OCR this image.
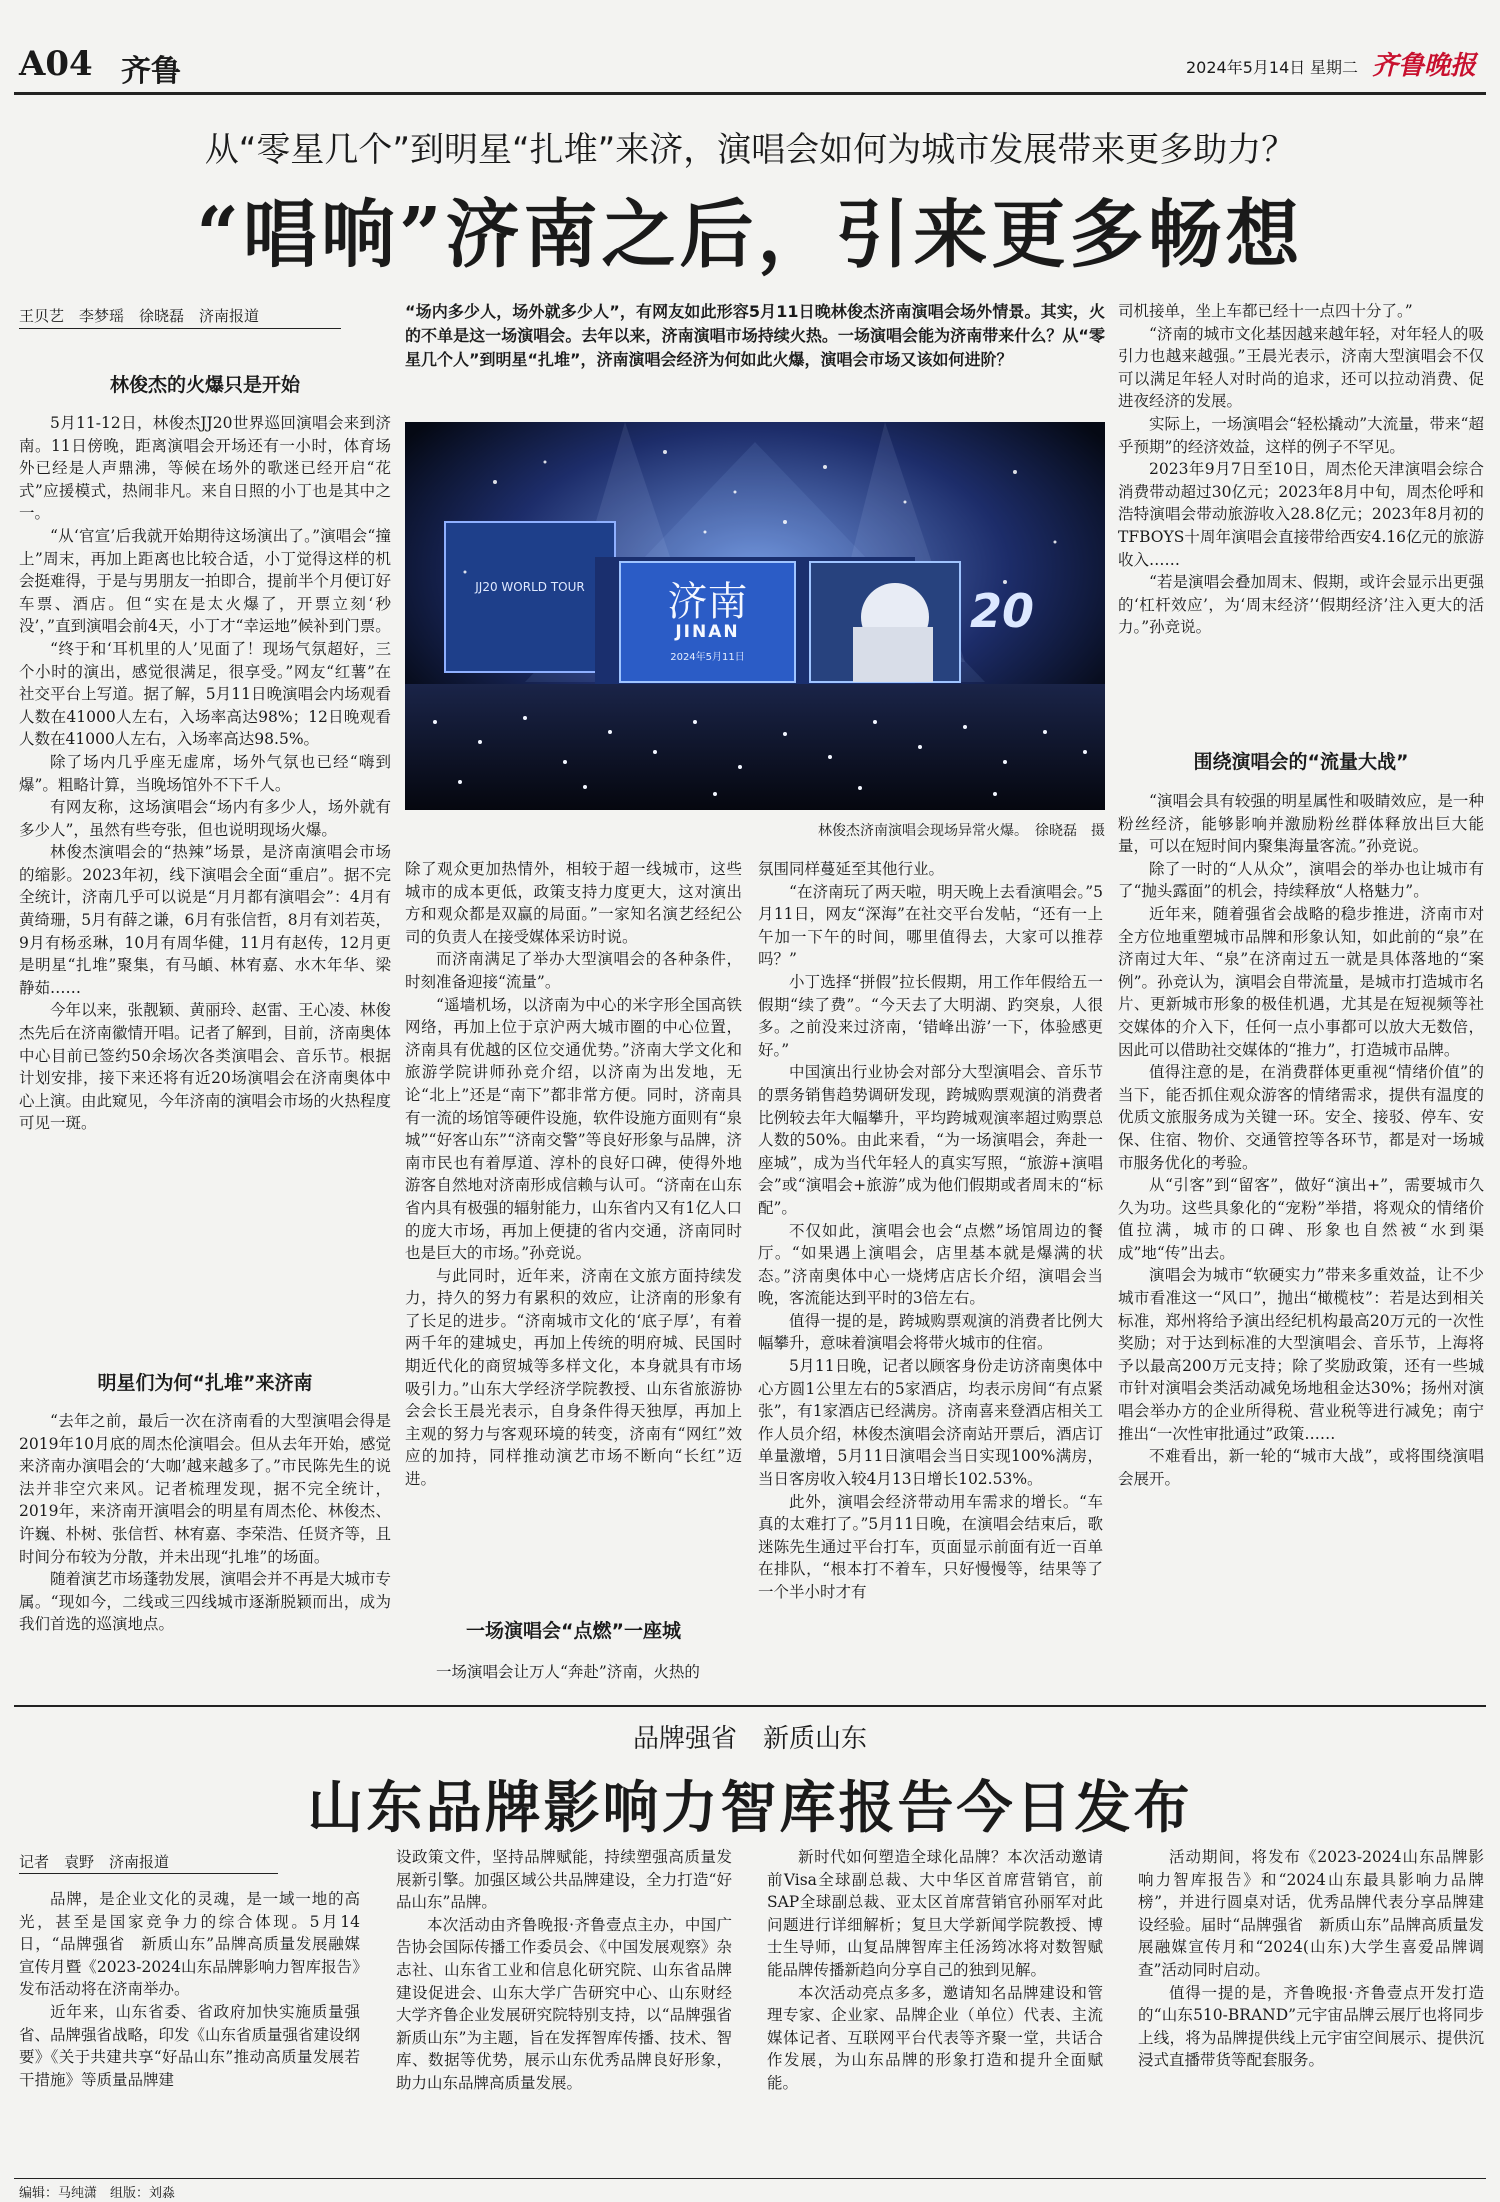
A04 齐鲁	2024年5月14日 星期二 齐鲁晚报
从“零星几个”到明星“扎堆”来济，演唱会如何为城市发展带来更多助力？
“唱响”济南之后，引来更多畅想
王贝艺　李梦瑶　徐晓磊　济南报道
林俊杰的火爆只是开始

5月11-12日，林俊杰JJ20世界巡回演唱会来到济南。11日傍晚，距离演唱会开场还有一小时，体育场外已经是人声鼎沸，等候在场外的歌迷已经开启“花式”应援模式，热闹非凡。来自日照的小丁也是其中之一。

“从‘官宣’后我就开始期待这场演出了。”演唱会“撞上”周末，再加上距离也比较合适，小丁觉得这样的机会挺难得，于是与男朋友一拍即合，提前半个月便订好车票、酒店。但“实在是太火爆了，开票立刻‘秒没’，”直到演唱会前4天，小丁才“幸运地”候补到门票。

“终于和‘耳机里的人’见面了！现场气氛超好，三个小时的演出，感觉很满足，很享受。”网友“红薯”在社交平台上写道。据了解，5月11日晚演唱会内场观看人数在41000人左右，入场率高达98%；12日晚观看人数在41000人左右，入场率高达98.5%。

除了场内几乎座无虚席，场外气氛也已经“嗨到爆”。粗略计算，当晚场馆外不下千人。

有网友称，这场演唱会“场内有多少人，场外就有多少人”，虽然有些夸张，但也说明现场火爆。

林俊杰演唱会的“热辣”场景，是济南演唱会市场的缩影。2023年初，线下演唱会全面“重启”。据不完全统计，济南几乎可以说是“月月都有演唱会”：4月有黄绮珊，5月有薛之谦，6月有张信哲，8月有刘若英，9月有杨丞琳，10月有周华健，11月有赵传，12月更是明星“扎堆”聚集，有马頔、林宥嘉、水木年华、梁静茹……

今年以来，张靓颖、黄丽玲、赵雷、王心凌、林俊杰先后在济南徽情开唱。记者了解到，目前，济南奥体中心目前已签约50余场次各类演唱会、音乐节。根据计划安排，接下来还将有近20场演唱会在济南奥体中心上演。由此窥见，今年济南的演唱会市场的火热程度可见一斑。

明星们为何“扎堆”来济南

“去年之前，最后一次在济南看的大型演唱会得是2019年10月底的周杰伦演唱会。但从去年开始，感觉来济南办演唱会的‘大咖’越来越多了。”市民陈先生的说法并非空穴来风。记者梳理发现，据不完全统计，2019年，来济南开演唱会的明星有周杰伦、林俊杰、许巍、朴树、张信哲、林宥嘉、李荣浩、任贤齐等，且时间分布较为分散，并未出现“扎堆”的场面。

随着演艺市场蓬勃发展，演唱会并不再是大城市专属。“现如今，二线或三四线城市逐渐脱颖而出，成为我们首选的巡演地点。

“场内多少人，场外就多少人”，有网友如此形容5月11日晚林俊杰济南演唱会场外情景。其实，火的不单是这一场演唱会。去年以来，济南演唱市场持续火热。一场演唱会能为济南带来什么？从“零星几个人”到明星“扎堆”，济南演唱会经济为何如此火爆，演唱会市场又该如何进阶？
20
JJ20 WORLD TOUR	济南
JINAN
2024年5月11日
林俊杰济南演唱会现场异常火爆。　徐晓磊　摄

除了观众更加热情外，相较于超一线城市，这些城市的成本更低，政策支持力度更大，这对演出方和观众都是双赢的局面。”一家知名演艺经纪公司的负责人在接受媒体采访时说。

而济南满足了举办大型演唱会的各种条件，时刻准备迎接“流量”。

“遥墙机场，以济南为中心的米字形全国高铁网络，再加上位于京沪两大城市圈的中心位置，济南具有优越的区位交通优势。”济南大学文化和旅游学院讲师孙竞介绍，以济南为出发地，无论“北上”还是“南下”都非常方便。同时，济南具有一流的场馆等硬件设施，软件设施方面则有“泉城”“好客山东”“济南交警”等良好形象与品牌，济南市民也有着厚道、淳朴的良好口碑，使得外地游客自然地对济南形成信赖与认可。“济南在山东省内具有极强的辐射能力，山东省内又有1亿人口的庞大市场，再加上便捷的省内交通，济南同时也是巨大的市场。”孙竞说。

与此同时，近年来，济南在文旅方面持续发力，持久的努力有累积的效应，让济南的形象有了长足的进步。“济南城市文化的‘底子厚’，有着两千年的建城史，再加上传统的明府城、民国时期近代化的商贸城等多样文化，本身就具有市场吸引力。”山东大学经济学院教授、山东省旅游协会会长王晨光表示，自身条件得天独厚，再加上主观的努力与客观环境的转变，济南有“网红”效应的加持，同样推动演艺市场不断向“长红”迈进。

一场演唱会“点燃”一座城

一场演唱会让万人“奔赴”济南，火热的

氛围同样蔓延至其他行业。

“在济南玩了两天啦，明天晚上去看演唱会。”5月11日，网友“深海”在社交平台发帖，“还有一上午加一下午的时间，哪里值得去，大家可以推荐吗？”

小丁选择“拼假”拉长假期，用工作年假给五一假期“续了费”。“今天去了大明湖、趵突泉，人很多。之前没来过济南，‘错峰出游’一下，体验感更好。”

中国演出行业协会对部分大型演唱会、音乐节的票务销售趋势调研发现，跨城购票观演的消费者比例较去年大幅攀升，平均跨城观演率超过购票总人数的50%。由此来看，“为一场演唱会，奔赴一座城”，成为当代年轻人的真实写照，“旅游+演唱会”或“演唱会+旅游”成为他们假期或者周末的“标配”。

不仅如此，演唱会也会“点燃”场馆周边的餐厅。“如果遇上演唱会，店里基本就是爆满的状态。”济南奥体中心一烧烤店店长介绍，演唱会当晚，客流能达到平时的3倍左右。

值得一提的是，跨城购票观演的消费者比例大幅攀升，意味着演唱会将带火城市的住宿。

5月11日晚，记者以顾客身份走访济南奥体中心方圆1公里左右的5家酒店，均表示房间“有点紧张”，有1家酒店已经满房。济南喜来登酒店相关工作人员介绍，林俊杰演唱会济南站开票后，酒店订单量激增，5月11日演唱会当日实现100%满房，当日客房收入较4月13日增长102.53%。

此外，演唱会经济带动用车需求的增长。“车真的太难打了。”5月11日晚，在演唱会结束后，歌迷陈先生通过平台打车，页面显示前面有近一百单在排队，“根本打不着车，只好慢慢等，结果等了一个半小时才有

司机接单，坐上车都已经十一点四十分了。”

“济南的城市文化基因越来越年轻，对年轻人的吸引力也越来越强。”王晨光表示，济南大型演唱会不仅可以满足年轻人对时尚的追求，还可以拉动消费、促进夜经济的发展。

实际上，一场演唱会“轻松撬动”大流量，带来“超乎预期”的经济效益，这样的例子不罕见。

2023年9月7日至10日，周杰伦天津演唱会综合消费带动超过30亿元；2023年8月中旬，周杰伦呼和浩特演唱会带动旅游收入28.8亿元；2023年8月初的TFBOYS十周年演唱会直接带给西安4.16亿元的旅游收入……

“若是演唱会叠加周末、假期，或许会显示出更强的‘杠杆效应’，为‘周末经济’‘假期经济’注入更大的活力。”孙竞说。

围绕演唱会的“流量大战”

“演唱会具有较强的明星属性和吸睛效应，是一种粉丝经济，能够影响并激励粉丝群体释放出巨大能量，可以在短时间内聚集海量客流。”孙竞说。

除了一时的“人从众”，演唱会的举办也让城市有了“抛头露面”的机会，持续释放“人格魅力”。

近年来，随着强省会战略的稳步推进，济南市对全方位地重塑城市品牌和形象认知，如此前的“泉”在济南过大年、“泉”在济南过五一就是具体落地的“案例”。孙竞认为，演唱会自带流量，是城市打造城市名片、更新城市形象的极佳机遇，尤其是在短视频等社交媒体的介入下，任何一点小事都可以放大无数倍，因此可以借助社交媒体的“推力”，打造城市品牌。

值得注意的是，在消费群体更重视“情绪价值”的当下，能否抓住观众游客的情绪需求，提供有温度的优质文旅服务成为关键一环。安全、接驳、停车、安保、住宿、物价、交通管控等各环节，都是对一场城市服务优化的考验。

从“引客”到“留客”，做好“演出+”，需要城市久久为功。这些具象化的“宠粉”举措，将观众的情绪价值拉满，城市的口碑、形象也自然被“水到渠成”地“传”出去。

演唱会为城市“软硬实力”带来多重效益，让不少城市看准这一“风口”，抛出“橄榄枝”：若是达到相关标准，郑州将给予演出经纪机构最高20万元的一次性奖励；对于达到标准的大型演唱会、音乐节，上海将予以最高200万元支持；除了奖励政策，还有一些城市针对演唱会类活动减免场地租金达30%；扬州对演唱会举办方的企业所得税、营业税等进行减免；南宁推出“一次性审批通过”政策……

不难看出，新一轮的“城市大战”，或将围绕演唱会展开。

品牌强省　新质山东
山东品牌影响力智库报告今日发布
记者　袁野　济南报道

品牌，是企业文化的灵魂，是一域一地的高光，甚至是国家竞争力的综合体现。5月14日，“品牌强省　新质山东”品牌高质量发展融媒宣传月暨《2023-2024山东品牌影响力智库报告》发布活动将在济南举办。

近年来，山东省委、省政府加快实施质量强省、品牌强省战略，印发《山东省质量强省建设纲要》《关于共建共享“好品山东”推动高质量发展若干措施》等质量品牌建

设政策文件，坚持品牌赋能，持续塑强高质量发展新引擎。加强区域公共品牌建设，全力打造“好品山东”品牌。

本次活动由齐鲁晚报·齐鲁壹点主办，中国广告协会国际传播工作委员会、《中国发展观察》杂志社、山东省工业和信息化研究院、山东省品牌建设促进会、山东大学广告研究中心、山东财经大学齐鲁企业发展研究院特别支持，以“品牌强省　新质山东”为主题，旨在发挥智库传播、技术、智库、数据等优势，展示山东优秀品牌良好形象，助力山东品牌高质量发展。

新时代如何塑造全球化品牌？本次活动邀请前Visa全球副总裁、大中华区首席营销官，前SAP全球副总裁、亚太区首席营销官孙丽军对此问题进行详细解析；复旦大学新闻学院教授、博士生导师，山复品牌智库主任汤筠冰将对数智赋能品牌传播新趋向分享自己的独到见解。

本次活动亮点多多，邀请知名品牌建设和管理专家、企业家、品牌企业（单位）代表、主流媒体记者、互联网平台代表等齐聚一堂，共话合作发展，为山东品牌的形象打造和提升全面赋能。

活动期间，将发布《2023-2024山东品牌影响力智库报告》和“2024山东最具影响力品牌榜”，并进行圆桌对话，优秀品牌代表分享品牌建设经验。届时“品牌强省　新质山东”品牌高质量发展融媒宣传月和“2024(山东)大学生喜爱品牌调查”活动同时启动。

值得一提的是，齐鲁晚报·齐鲁壹点开发打造的“山东510-BRAND”元宇宙品牌云展厅也将同步上线，将为品牌提供线上元宇宙空间展示、提供沉浸式直播带货等配套服务。

编辑：马纯潇　组版：刘淼
